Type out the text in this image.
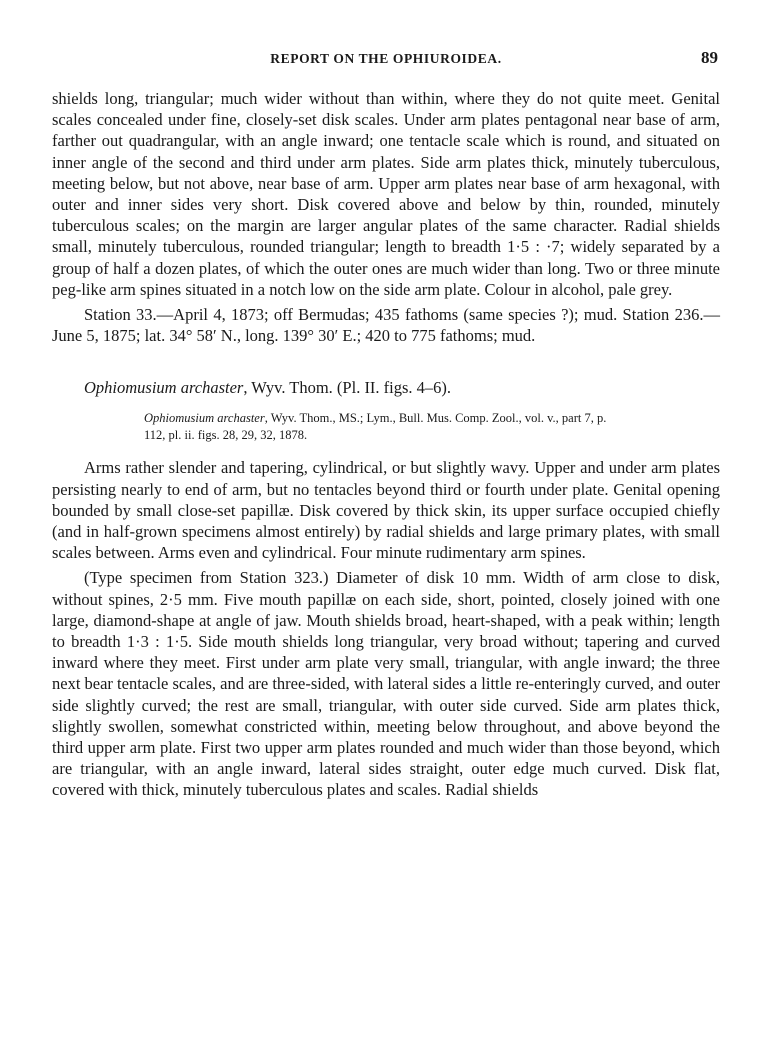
REPORT ON THE OPHIUROIDEA.	89

shields long, triangular; much wider without than within, where they do not quite meet. Genital scales concealed under fine, closely-set disk scales. Under arm plates pentagonal near base of arm, farther out quadrangular, with an angle inward; one tentacle scale which is round, and situated on inner angle of the second and third under arm plates. Side arm plates thick, minutely tuberculous, meeting below, but not above, near base of arm. Upper arm plates near base of arm hexagonal, with outer and inner sides very short. Disk covered above and below by thin, rounded, minutely tuberculous scales; on the margin are larger angular plates of the same character. Radial shields small, minutely tuberculous, rounded triangular; length to breadth 1·5 : ·7; widely separated by a group of half a dozen plates, of which the outer ones are much wider than long. Two or three minute peg-like arm spines situated in a notch low on the side arm plate. Colour in alcohol, pale grey.

Station 33.—April 4, 1873; off Bermudas; 435 fathoms (same species ?); mud. Station 236.—June 5, 1875; lat. 34° 58′ N., long. 139° 30′ E.; 420 to 775 fathoms; mud.

Ophiomusium archaster, Wyv. Thom. (Pl. II. figs. 4–6).
Ophiomusium archaster, Wyv. Thom., MS.; Lym., Bull. Mus. Comp. Zool., vol. v., part 7, p.
112, pl. ii. figs. 28, 29, 32, 1878.

Arms rather slender and tapering, cylindrical, or but slightly wavy. Upper and under arm plates persisting nearly to end of arm, but no tentacles beyond third or fourth under plate. Genital opening bounded by small close-set papillæ. Disk covered by thick skin, its upper surface occupied chiefly (and in half-grown specimens almost entirely) by radial shields and large primary plates, with small scales between. Arms even and cylindrical. Four minute rudimentary arm spines.

(Type specimen from Station 323.) Diameter of disk 10 mm. Width of arm close to disk, without spines, 2·5 mm. Five mouth papillæ on each side, short, pointed, closely joined with one large, diamond-shape at angle of jaw. Mouth shields broad, heart-shaped, with a peak within; length to breadth 1·3 : 1·5. Side mouth shields long triangular, very broad without; tapering and curved inward where they meet. First under arm plate very small, triangular, with angle inward; the three next bear tentacle scales, and are three-sided, with lateral sides a little re-enteringly curved, and outer side slightly curved; the rest are small, triangular, with outer side curved. Side arm plates thick, slightly swollen, somewhat constricted within, meeting below throughout, and above beyond the third upper arm plate. First two upper arm plates rounded and much wider than those beyond, which are triangular, with an angle inward, lateral sides straight, outer edge much curved. Disk flat, covered with thick, minutely tuberculous plates and scales. Radial shields
